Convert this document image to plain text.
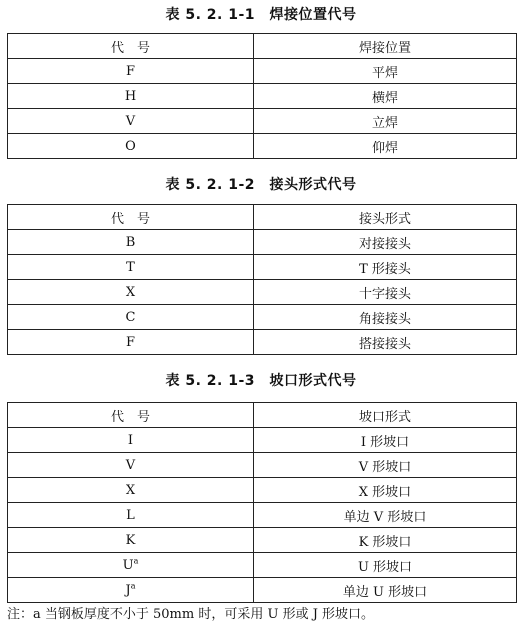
表 5. 2. 1-1　焊接位置代号
代　号	焊接位置
F	平焊
H	横焊
V	立焊
O	仰焊
表 5. 2. 1-2　接头形式代号
代　号	接头形式
B	对接接头
T	T 形接头
X	十字接头
C	角接接头
F	搭接接头
表 5. 2. 1-3　坡口形式代号
代　号	坡口形式
I	I 形坡口
V	V 形坡口
X	X 形坡口
L	单边 V 形坡口
K	K 形坡口
$U^a$	U 形坡口
$J^a$	单边 U 形坡口
注：a 当钢板厚度不小于 50mm 时，可采用 U 形或 J 形坡口。
